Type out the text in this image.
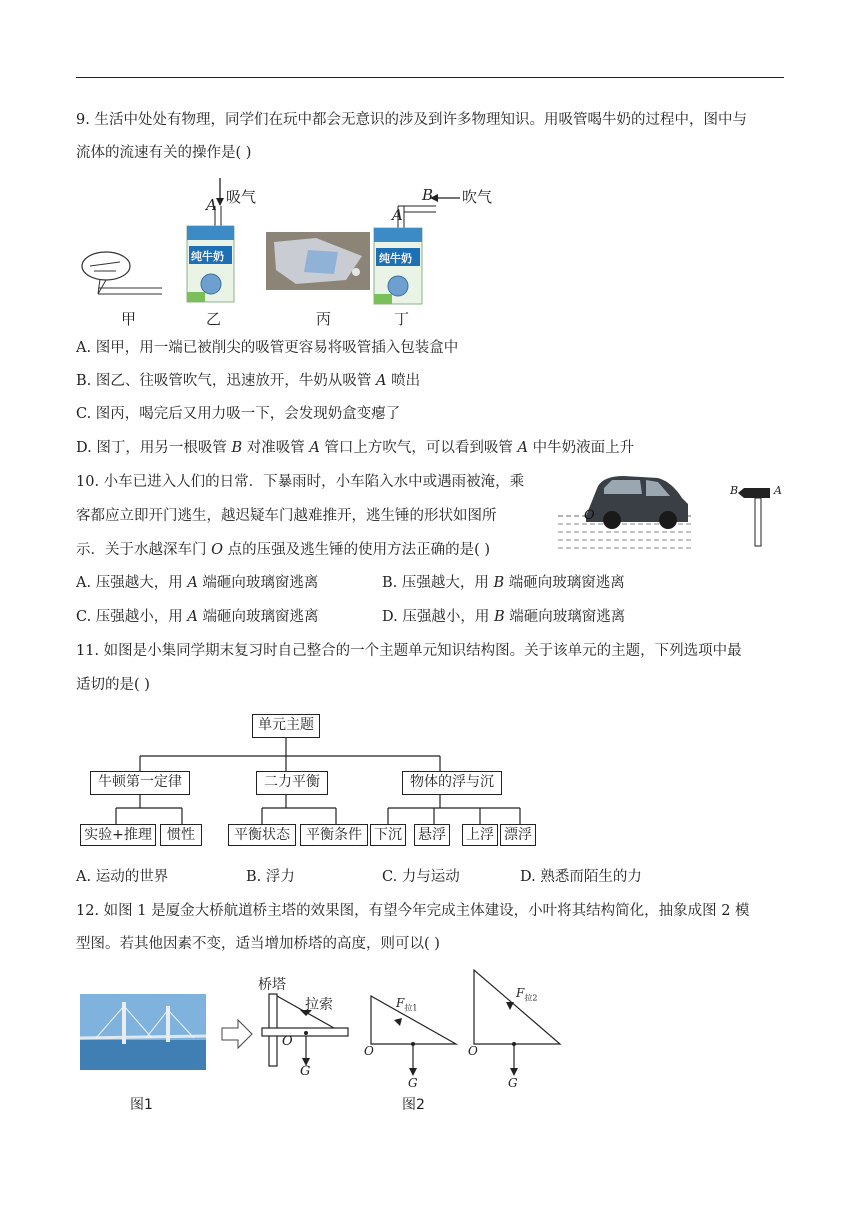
9. 生活中处处有物理，同学们在玩中都会无意识的涉及到许多物理知识。用吸管喝牛奶的过程中，图中与
流体的流速有关的操作是( )
吸气
A
B 吹气
A
纯牛奶	纯牛奶
甲	乙	丙	丁
A. 图甲，用一端已被削尖的吸管更容易将吸管插入包装盒中
B. 图乙、往吸管吹气，迅速放开，牛奶从吸管 A 喷出
C. 图丙，喝完后又用力吸一下，会发现奶盒变瘪了
D. 图丁，用另一根吸管 B 对准吸管 A 管口上方吹气，可以看到吸管 A 中牛奶液面上升
10. 小车已进入人们的日常．下暴雨时，小车陷入水中或遇雨被淹，乘
客都应立即开门逃生，越迟疑车门越难推开，逃生锤的形状如图所
示．关于水越深车门 O 点的压强及逃生锤的使用方法正确的是( )
O
B	A
A. 压强越大，用 A 端砸向玻璃窗逃离	B. 压强越大，用 B 端砸向玻璃窗逃离
C. 压强越小，用 A 端砸向玻璃窗逃离	D. 压强越小，用 B 端砸向玻璃窗逃离
11. 如图是小集同学期末复习时自己整合的一个主题单元知识结构图。关于该单元的主题，下列选项中最
适切的是( )
单元主题
牛顿第一定律	二力平衡	物体的浮与沉
实验+推理	惯性	平衡状态	平衡条件 下沉 悬浮 上浮 漂浮
A. 运动的世界	B. 浮力	C. 力与运动	D. 熟悉而陌生的力
12. 如图 1 是厦金大桥航道桥主塔的效果图，有望今年完成主体建设，小叶将其结构简化，抽象成图 2 模
型图。若其他因素不变，适当增加桥塔的高度，则可以( )
桥塔
拉索
O
G
$F_{拉1}$
O
G
$F_{拉2}$
O
G
图1	图2
